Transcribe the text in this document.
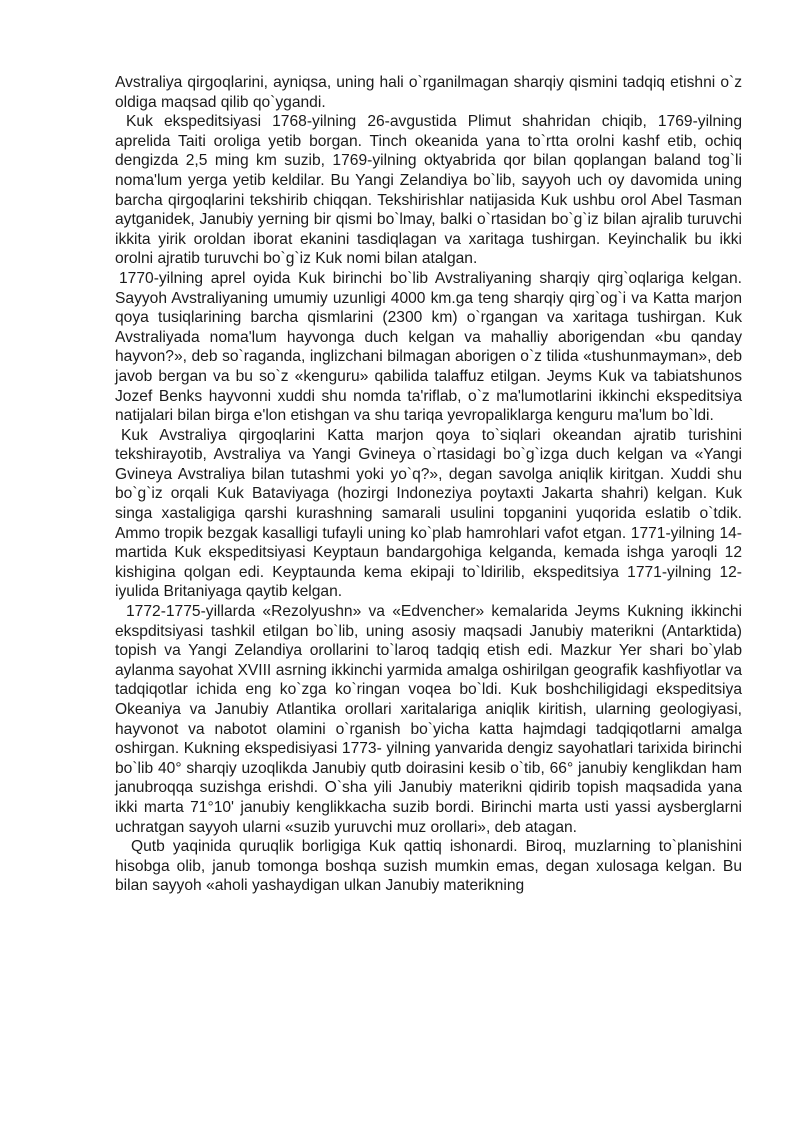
Avstraliya qirgoqlarini, ayniqsa, uning hali o`rganilmagan sharqiy qismini tadqiq etishni o`z oldiga maqsad qilib qo`ygandi.

Kuk ekspeditsiyasi 1768-yilning 26-avgustida Plimut shahridan chiqib, 1769-yilning aprelida Taiti oroliga yetib borgan. Tinch okeanida yana to`rtta orolni kashf etib, ochiq dengizda 2,5 ming km suzib, 1769-yilning oktyabrida qor bilan qoplangan baland tog`li noma'lum yerga yetib keldilar. Bu Yangi Zelandiya bo`lib, sayyoh uch oy davomida uning barcha qirgoqlarini tekshirib chiqqan. Tekshirishlar natijasida Kuk ushbu orol Abel Tasman aytganidek, Janubiy yerning bir qismi bo`lmay, balki o`rtasidan bo`g`iz bilan ajralib turuvchi ikkita yirik oroldan iborat ekanini tasdiqlagan va xaritaga tushirgan. Keyinchalik bu ikki orolni ajratib turuvchi bo`g`iz Kuk nomi bilan atalgan.

1770-yilning aprel oyida Kuk birinchi bo`lib Avstraliyaning sharqiy qirg`oqlariga kelgan. Sayyoh Avstraliyaning umumiy uzunligi 4000 km.ga teng sharqiy qirg`og`i va Katta marjon qoya tusiqlarining barcha qismlarini (2300 km) o`rgangan va xaritaga tushirgan. Kuk Avstraliyada noma'lum hayvonga duch kelgan va mahalliy aborigendan «bu qanday hayvon?», deb so`raganda, inglizchani bilmagan aborigen o`z tilida «tushunmayman», deb javob bergan va bu so`z «kenguru» qabilida talaffuz etilgan. Jeyms Kuk va tabiatshunos Jozef Benks hayvonni xuddi shu nomda ta'riflab, o`z ma'lumotlarini ikkinchi ekspeditsiya natijalari bilan birga e'lon etishgan va shu tariqa yevropaliklarga kenguru ma'lum bo`ldi.

Kuk Avstraliya qirgoqlarini Katta marjon qoya to`siqlari okeandan ajratib turishini tekshirayotib, Avstraliya va Yangi Gvineya o`rtasidagi bo`g`izga duch kelgan va «Yangi Gvineya Avstraliya bilan tutashmi yoki yo`q?», degan savolga aniqlik kiritgan. Xuddi shu bo`g`iz orqali Kuk Bataviyaga (hozirgi Indoneziya poytaxti Jakarta shahri) kelgan. Kuk singa xastaligiga qarshi kurashning samarali usulini topganini yuqorida eslatib o`tdik. Ammo tropik bezgak kasalligi tufayli uning ko`plab hamrohlari vafot etgan. 1771-yilning 14-martida Kuk ekspeditsiyasi Keyptaun bandargohiga kelganda, kemada ishga yaroqli 12 kishigina qolgan edi. Keyptaunda kema ekipaji to`ldirilib, ekspeditsiya 1771-yilning 12-iyulida Britaniyaga qaytib kelgan.

1772-1775-yillarda «Rezolyushn» va «Edvencher» kemalarida Jeyms Kukning ikkinchi ekspditsiyasi tashkil etilgan bo`lib, uning asosiy maqsadi Janubiy materikni (Antarktida) topish va Yangi Zelandiya orollarini to`laroq tadqiq etish edi. Mazkur Yer shari bo`ylab aylanma sayohat XVIII asrning ikkinchi yarmida amalga oshirilgan geografik kashfiyotlar va tadqiqotlar ichida eng ko`zga ko`ringan voqea bo`ldi. Kuk boshchiligidagi ekspeditsiya Okeaniya va Janubiy Atlantika orollari xaritalariga aniqlik kiritish, ularning geologiyasi, hayvonot va nabotot olamini o`rganish bo`yicha katta hajmdagi tadqiqotlarni amalga oshirgan. Kukning ekspedisiyasi 1773- yilning yanvarida dengiz sayohatlari tarixida birinchi bo`lib 40° sharqiy uzoqlikda Janubiy qutb doirasini kesib o`tib, 66° janubiy kenglikdan ham janubroqqa suzishga erishdi. O`sha yili Janubiy materikni qidirib topish maqsadida yana ikki marta 71°10' janubiy kenglikkacha suzib bordi. Birinchi marta usti yassi aysberglarni uchratgan sayyoh ularni «suzib yuruvchi muz orollari», deb atagan.

Qutb yaqinida quruqlik borligiga Kuk qattiq ishonardi. Biroq, muzlarning to`planishini hisobga olib, janub tomonga boshqa suzish mumkin emas, degan xulosaga kelgan. Bu bilan sayyoh «aholi yashaydigan ulkan Janubiy materikning
